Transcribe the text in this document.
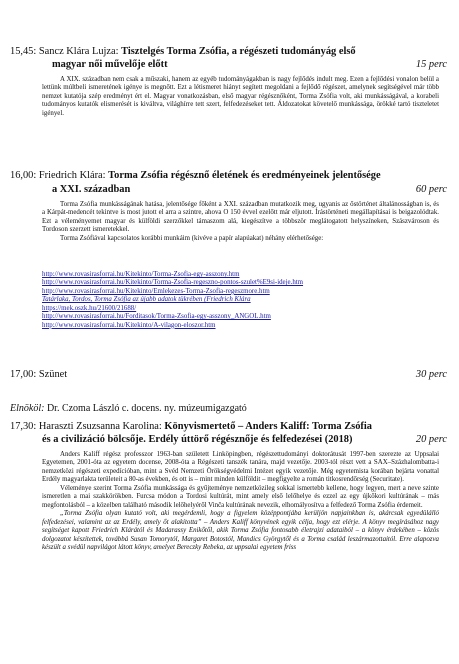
15,45: Sancz Klára Lujza: Tisztelgés Torma Zsófia, a régészeti tudományág első
magyar női művelője előtt	15 perc

A XIX. században nem csak a műszaki, hanem az egyéb tudományágakban is nagy fejlődés indult meg. Ezen a fejlődési vonalon belül a lettünk múltbeli ismeretének igénye is megnőtt. Ezt a létismeret hiányt segített megoldani a fejlődő régészet, amelynek segítségével már több nemzet kutatója szép eredményt ért el. Magyar vonatkozásban, első magyar régésznőként, Torma Zsófia volt, aki munkásságával, a korabeli tudományos kutatók elismerését is kiváltva, világhírre tett szert, felfedezéseket tett. Áldozatokat követelő munkássága, örökké tartó tiszteletet igényel.

16,00: Friedrich Klára: Torma Zsófia régésznő életének és eredményeinek jelentősége
a XXI. században	60 perc

Torma Zsófia munkásságának hatása, jelentősége főként a XXI. században mutatkozik meg, ugyanis az őstörténet általánosságban is, és a Kárpát-medencét tekintve is most jutott el arra a szintre, ahova O 150 évvel ezelőtt már eljutott. Írástörténeti megállapításai is beigazolódtak. Ezt a véleményemet magyar és külföldi szerzőkkel támaszom alá, kiegészítve a többször meglátogatott helyszíneken, Szászvároson és Tordoson szerzett ismeretekkel.

Torma Zsófiával kapcsolatos korábbi munkáim (kivéve a papír alapúakat) néhány elérhetősége:

http://www.rovasirasforrai.hu/Kitekinto/Torma-Zsofia-egy-asszony.htm
http://www.rovasirasforrai.hu/Kitekinto/Torma-Zsofia-regeszno-pontos-szulet%E9si-ideje.htm
http://www.rovasirasforrai.hu/Kitekinto/Emlekezes-Torma-Zsofia-regeszmore.htm
Tatárlaka, Tordos, Torma Zsófia az újabb adatok tükrében (Friedrich Klára
https://mek.oszk.hu/21600/21688/
http://www.rovasirasforrai.hu/Forditasok/Torma-Zsofia-egy-asszony_ANGOL.htm
http://www.rovasirasforrai.hu/Kitekinto/A-vilagon-eloszor.htm
17,00: Szünet	30 perc
Elnököl: Dr. Czoma László c. docens. ny. múzeumigazgató
17,30: Haraszti Zsuzsanna Karolina: Könyvismertető – Anders Kaliff: Torma Zsófia
és a civilizáció bölcsője. Erdély úttörő régésznője és felfedezései (2018)	20 perc

Anders Kaliff régész professzor 1963-ban született Linköpingben, régészettudományi doktorátusát 1997-ben szerezte az Uppsalai Egyetemen, 2001-óta az egyetem docense, 2008-óta a Régészeti tanszék tanára, majd vezetője. 2003-tól részt vett a SAX–Százhalombatta-i nemzetközi régészeti expedícióban, mint a Svéd Nemzeti Örökségvédelmi Intézet egyik vezetője. Még egyetemista korában bejárta vonattal Erdély magyarlakta területeit a 80-as években, és ott is – mint minden külföldit – megfigyelte a román titkosrendőrség (Securitate).

Véleménye szerint Torma Zsófia munkássága és gyűjteménye nemzetközileg sokkal ismertebb kellene, hogy legyen, mert a neve szinte ismeretlen a mai szakkörökben. Furcsa módon a Tordosi kultúrát, mint amely első lelőhelye és ezzel az egy újkőkori kultúrának – más megfontolásból – a közelben található második lelőhelyéről Vinča kultúrának nevezik, elhomályosítva a felfedező Torma Zsófia érdemeit.

„Torma Zsófia olyan kutató volt, aki megérdemli, hogy a figyelem középpontjába kerüljön napjainkban is, akárcsak egyedülálló felfedezései, valamint az az Erdély, amely őt alakította” – Anders Kaliff könyvének egyik célja, hogy ezt elérje. A könyv megírásához nagy segítséget kapott Friedrich Klárától és Madarassy Enikőtől, akik Torma Zsófia fontosabb életrajzi adataiból – a könyv érdekében – közös dolgozatot készítettek, továbbá Susan Tomorytól, Margaret Botostól, Mandics Györgytől és a Torma család leszármazottaitól. Erre alapozva készült a svédül napvilágot látott könyv, amelyet Bereczky Rebeka, az uppsalai egyetem friss
